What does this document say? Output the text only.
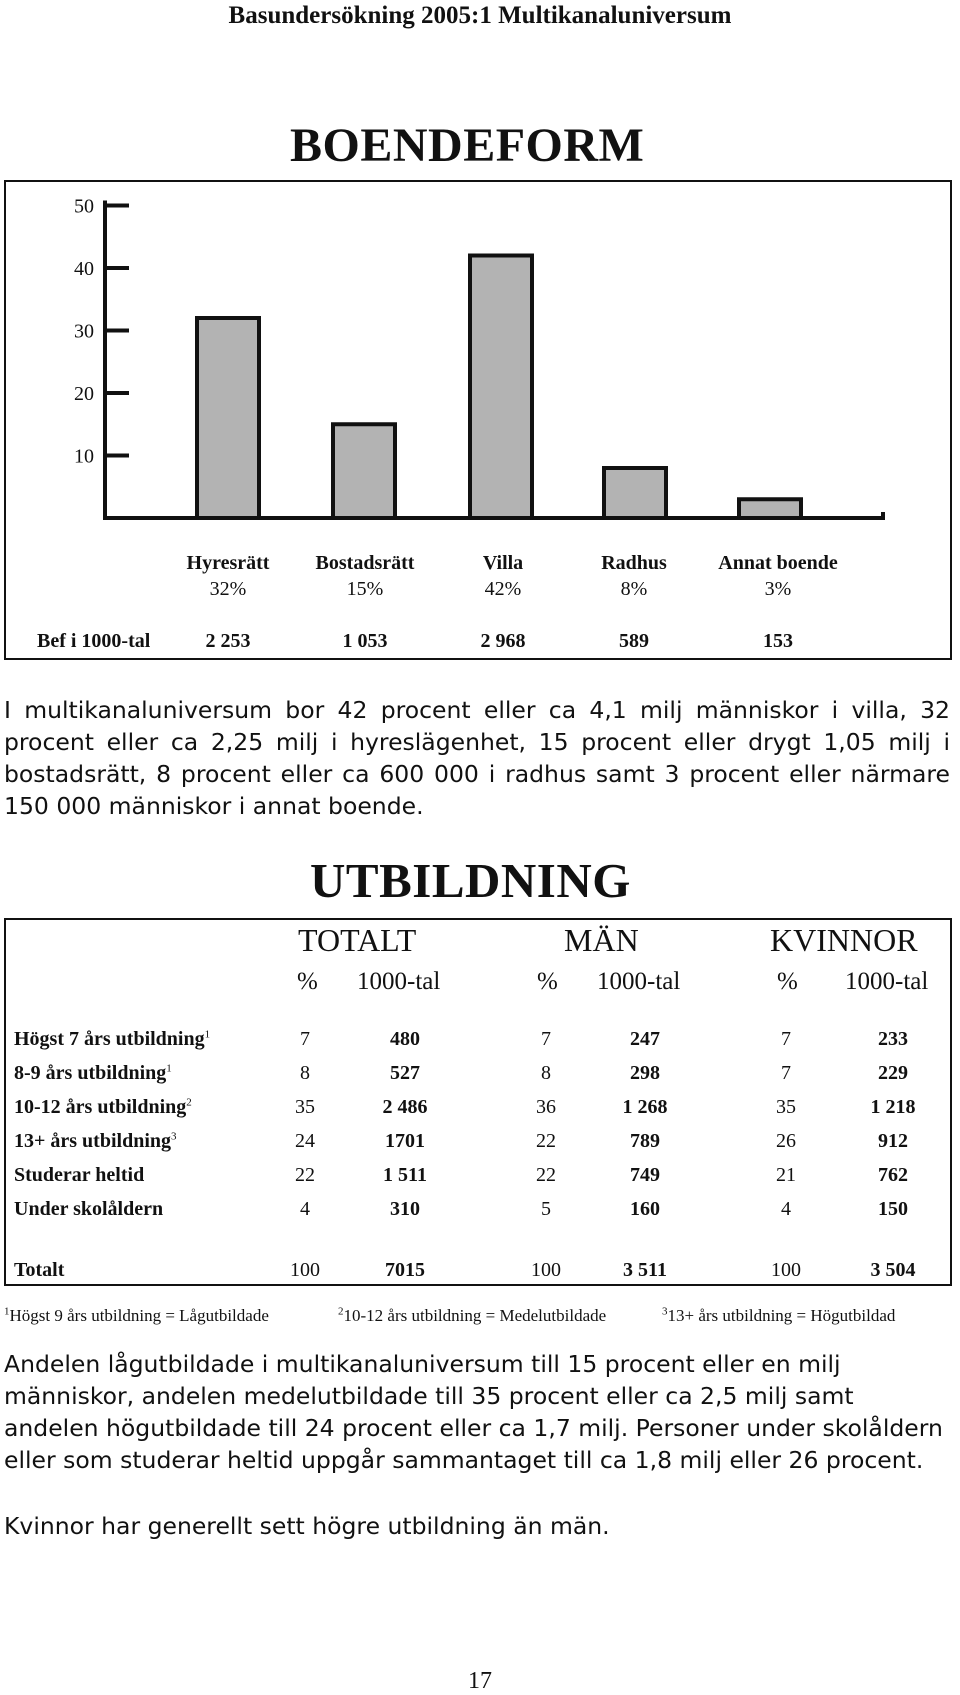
Basundersökning 2005:1 Multikanaluniversum
BOENDEFORM
10
20
30
40
50
Hyresrätt
32%
Bostadsrätt
15%
Villa
42%
Radhus
8%
Annat boende
3%
Bef i 1000-tal	2 253	1 053	2 968	589	153

I multikanaluniversum bor 42 procent eller ca 4,1 milj människor i villa, 32 procent eller ca 2,25 milj i hyreslägenhet, 15 procent eller drygt 1,05 milj i bostadsrätt, 8 procent eller ca 600 000 i radhus samt 3 procent eller närmare 150 000 människor i annat boende.

UTBILDNING
TOTALT	MÄN	KVINNOR
% 1000-tal	% 1000-tal	% 1000-tal
Högst 7 års utbildning$^1$	7	480	7	247	7	233
8-9 års utbildning$^1$	8	527	8	298	7	229
10-12 års utbildning$^2$	35	2 486	36	1 268	35	1 218
13+ års utbildning$^3$	24	1701	22	789	26	912
Studerar heltid	22	1 511	22	749	21	762
Under skolåldern	4	310	5	160	4	150
Totalt	100	7015	100	3 511	100	3 504
$^1$Högst 9 års utbildning = Lågutbildade	$^2$10-12 års utbildning = Medelutbildade	$^3$13+ års utbildning = Högutbildad

Andelen lågutbildade i multikanaluniversum till 15 procent eller en milj människor, andelen medelutbildade till 35 procent eller ca 2,5 milj samt andelen högutbildade till 24 procent eller ca 1,7 milj. Personer under skolåldern eller som studerar heltid uppgår sammantaget till ca 1,8 milj eller 26 procent.

Kvinnor har generellt sett högre utbildning än män.

17
